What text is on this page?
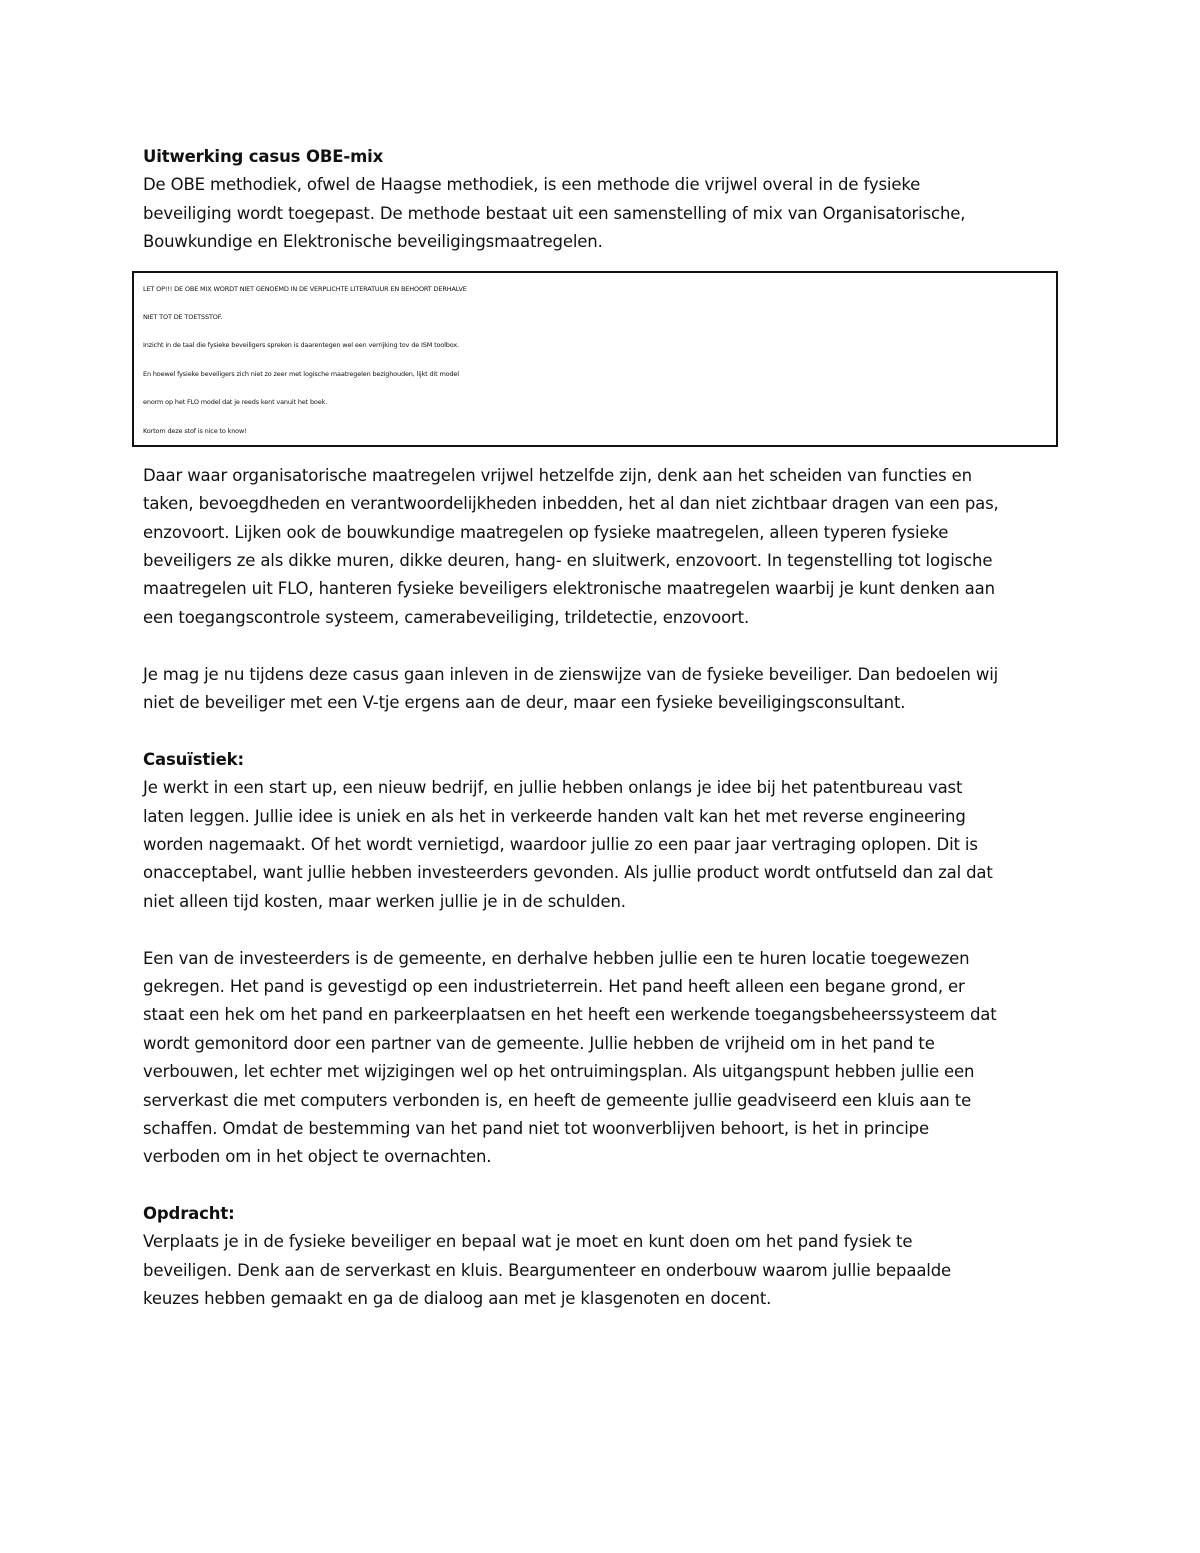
Uitwerking casus OBE-mix
De OBE methodiek, ofwel de Haagse methodiek, is een methode die vrijwel overal in de fysieke
beveiliging wordt toegepast. De methode bestaat uit een samenstelling of mix van Organisatorische,
Bouwkundige en Elektronische beveiligingsmaatregelen.
LET OP!!! DE OBE MIX WORDT NIET GENOEMD IN DE VERPLICHTE LITERATUUR EN BEHOORT DERHALVE
NIET TOT DE TOETSSTOF.
Inzicht in de taal die fysieke beveiligers spreken is daarentegen wel een verrijking tov de ISM toolbox.
En hoewel fysieke beveiligers zich niet zo zeer met logische maatregelen bezighouden, lijkt dit model
enorm op het FLO model dat je reeds kent vanuit het boek.
Kortom deze stof is nice to know!
Daar waar organisatorische maatregelen vrijwel hetzelfde zijn, denk aan het scheiden van functies en
taken, bevoegdheden en verantwoordelijkheden inbedden, het al dan niet zichtbaar dragen van een pas,
enzovoort. Lijken ook de bouwkundige maatregelen op fysieke maatregelen, alleen typeren fysieke
beveiligers ze als dikke muren, dikke deuren, hang- en sluitwerk, enzovoort. In tegenstelling tot logische
maatregelen uit FLO, hanteren fysieke beveiligers elektronische maatregelen waarbij je kunt denken aan
een toegangscontrole systeem, camerabeveiliging, trildetectie, enzovoort.
Je mag je nu tijdens deze casus gaan inleven in de zienswijze van de fysieke beveiliger. Dan bedoelen wij
niet de beveiliger met een V-tje ergens aan de deur, maar een fysieke beveiligingsconsultant.
Casuïstiek:
Je werkt in een start up, een nieuw bedrijf, en jullie hebben onlangs je idee bij het patentbureau vast
laten leggen. Jullie idee is uniek en als het in verkeerde handen valt kan het met reverse engineering
worden nagemaakt. Of het wordt vernietigd, waardoor jullie zo een paar jaar vertraging oplopen. Dit is
onacceptabel, want jullie hebben investeerders gevonden. Als jullie product wordt ontfutseld dan zal dat
niet alleen tijd kosten, maar werken jullie je in de schulden.
Een van de investeerders is de gemeente, en derhalve hebben jullie een te huren locatie toegewezen
gekregen. Het pand is gevestigd op een industrieterrein. Het pand heeft alleen een begane grond, er
staat een hek om het pand en parkeerplaatsen en het heeft een werkende toegangsbeheerssysteem dat
wordt gemonitord door een partner van de gemeente. Jullie hebben de vrijheid om in het pand te
verbouwen, let echter met wijzigingen wel op het ontruimingsplan. Als uitgangspunt hebben jullie een
serverkast die met computers verbonden is, en heeft de gemeente jullie geadviseerd een kluis aan te
schaffen. Omdat de bestemming van het pand niet tot woonverblijven behoort, is het in principe
verboden om in het object te overnachten.
Opdracht:
Verplaats je in de fysieke beveiliger en bepaal wat je moet en kunt doen om het pand fysiek te
beveiligen. Denk aan de serverkast en kluis. Beargumenteer en onderbouw waarom jullie bepaalde
keuzes hebben gemaakt en ga de dialoog aan met je klasgenoten en docent.
